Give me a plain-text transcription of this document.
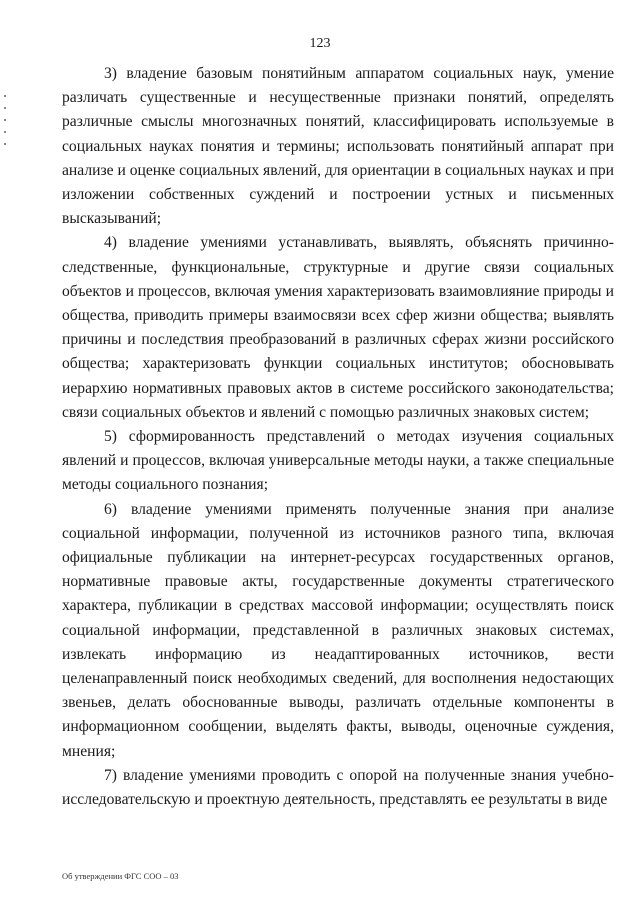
123

3) владение базовым понятийным аппаратом социальных наук, умение различать существенные и несущественные признаки понятий, определять различные смыслы многозначных понятий, классифицировать используемые в социальных науках понятия и термины; использовать понятийный аппарат при анализе и оценке социальных явлений, для ориентации в социальных науках и при изложении собственных суждений и построении устных и письменных высказываний;

4) владение умениями устанавливать, выявлять, объяснять причинно-следственные, функциональные, структурные и другие связи социальных объектов и процессов, включая умения характеризовать взаимовлияние природы и общества, приводить примеры взаимосвязи всех сфер жизни общества; выявлять причины и последствия преобразований в различных сферах жизни российского общества; характеризовать функции социальных институтов; обосновывать иерархию нормативных правовых актов в системе российского законодательства; связи социальных объектов и явлений с помощью различных знаковых систем;

5) сформированность представлений о методах изучения социальных явлений и процессов, включая универсальные методы науки, а также специальные методы социального познания;

6) владение умениями применять полученные знания при анализе социальной информации, полученной из источников разного типа, включая официальные публикации на интернет-ресурсах государственных органов, нормативные правовые акты, государственные документы стратегического характера, публикации в средствах массовой информации; осуществлять поиск социальной информации, представленной в различных знаковых системах, извлекать информацию из неадаптированных источников, вести целенаправленный поиск необходимых сведений, для восполнения недостающих звеньев, делать обоснованные выводы, различать отдельные компоненты в информационном сообщении, выделять факты, выводы, оценочные суждения, мнения;

7) владение умениями проводить с опорой на полученные знания учебно-исследовательскую и проектную деятельность, представлять ее результаты в виде

Об утверждении ФГС СОО – 03
